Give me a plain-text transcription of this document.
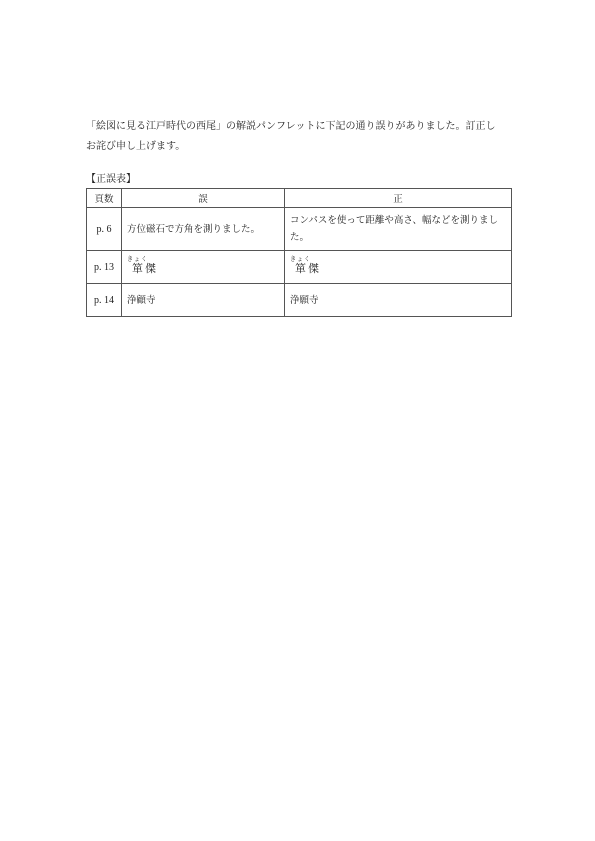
「絵図に見る江戸時代の西尾」の解説パンフレットに下記の通り誤りがありました。訂正し

お詫び申し上げます。

【正誤表】
頁数	誤	正
p. 6	方位磁石で方角を測りました。	コンパスを使って距離や高さ、幅などを測りました。
p. 13	箪きょく傑	箪きょく傑
p. 14	浄顧寺	浄願寺
